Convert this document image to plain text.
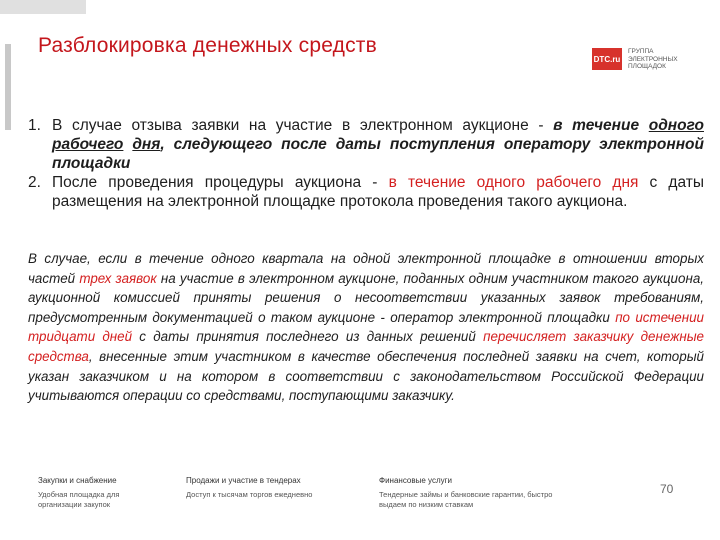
Разблокировка денежных средств
DTC.ru
ГРУППА ЭЛЕКТРОННЫХ ПЛОЩАДОК
1. В случае отзыва заявки на участие в электронном аукционе - в течение одного рабочего дня, следующего после даты поступления оператору электронной площадки
2. После проведения процедуры аукциона - в течение одного рабочего дня с даты размещения на электронной площадке протокола проведения такого аукциона.
В случае, если в течение одного квартала на одной электронной площадке в отношении вторых частей трех заявок на участие в электронном аукционе, поданных одним участником такого аукциона, аукционной комиссией приняты решения о несоответствии указанных заявок требованиям, предусмотренным документацией о таком аукционе - оператор электронной площадки по истечении тридцати дней с даты принятия последнего из данных решений перечисляет заказчику денежные средства, внесенные этим участником в качестве обеспечения последней заявки на счет, который указан заказчиком и на котором в соответствии с законодательством Российской Федерации учитываются операции со средствами, поступающими заказчику.
Закупки и снабжение
Удобная площадка для организации закупок
Продажи и участие в тендерах
Доступ к тысячам торгов ежедневно
Финансовые услуги
Тендерные займы и банковские гарантии, быстро выдаем по низким ставкам
70
